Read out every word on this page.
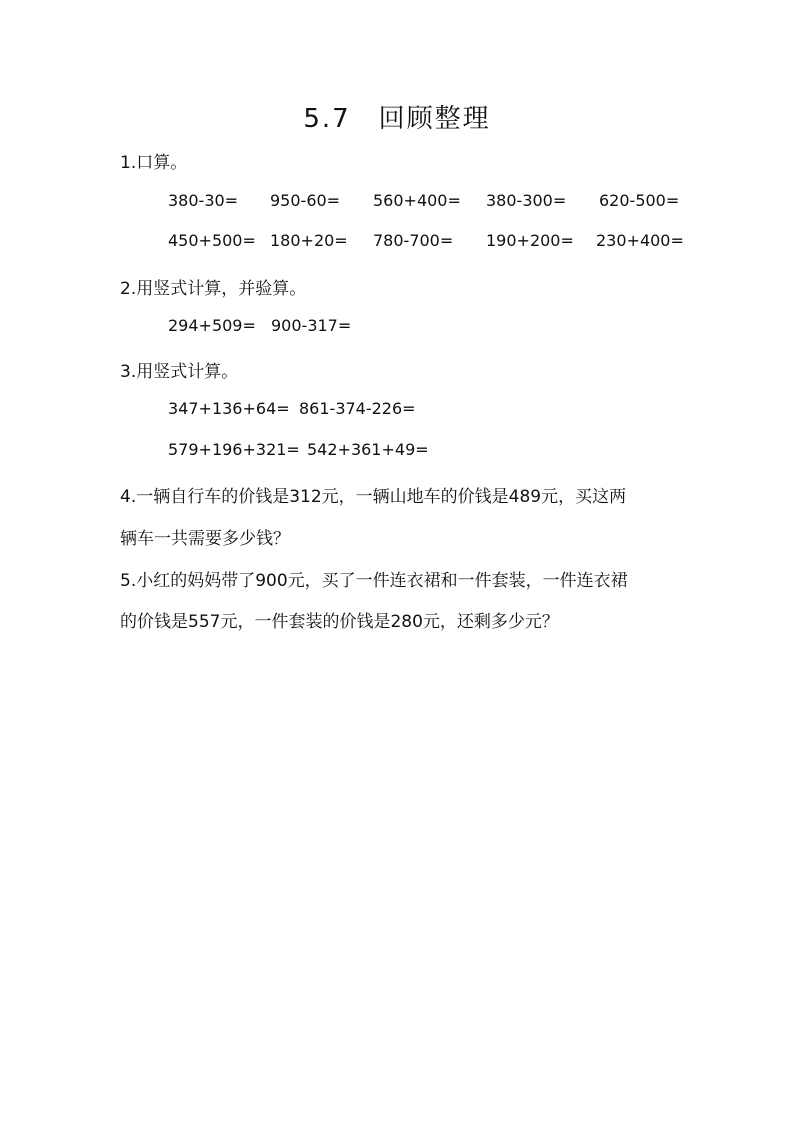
5.7　回顾整理
1.口算。
380-30= 950-60= 560+400= 380-300= 620-500=
450+500= 180+20= 780-700= 190+200= 230+400=
2.用竖式计算，并验算。
294+509= 900-317=
3.用竖式计算。
347+136+64= 861-374-226=
579+196+321= 542+361+49=
4.一辆自行车的价钱是312元，一辆山地车的价钱是489元，买这两
辆车一共需要多少钱？
5.小红的妈妈带了900元，买了一件连衣裙和一件套装，一件连衣裙
的价钱是557元，一件套装的价钱是280元，还剩多少元？
